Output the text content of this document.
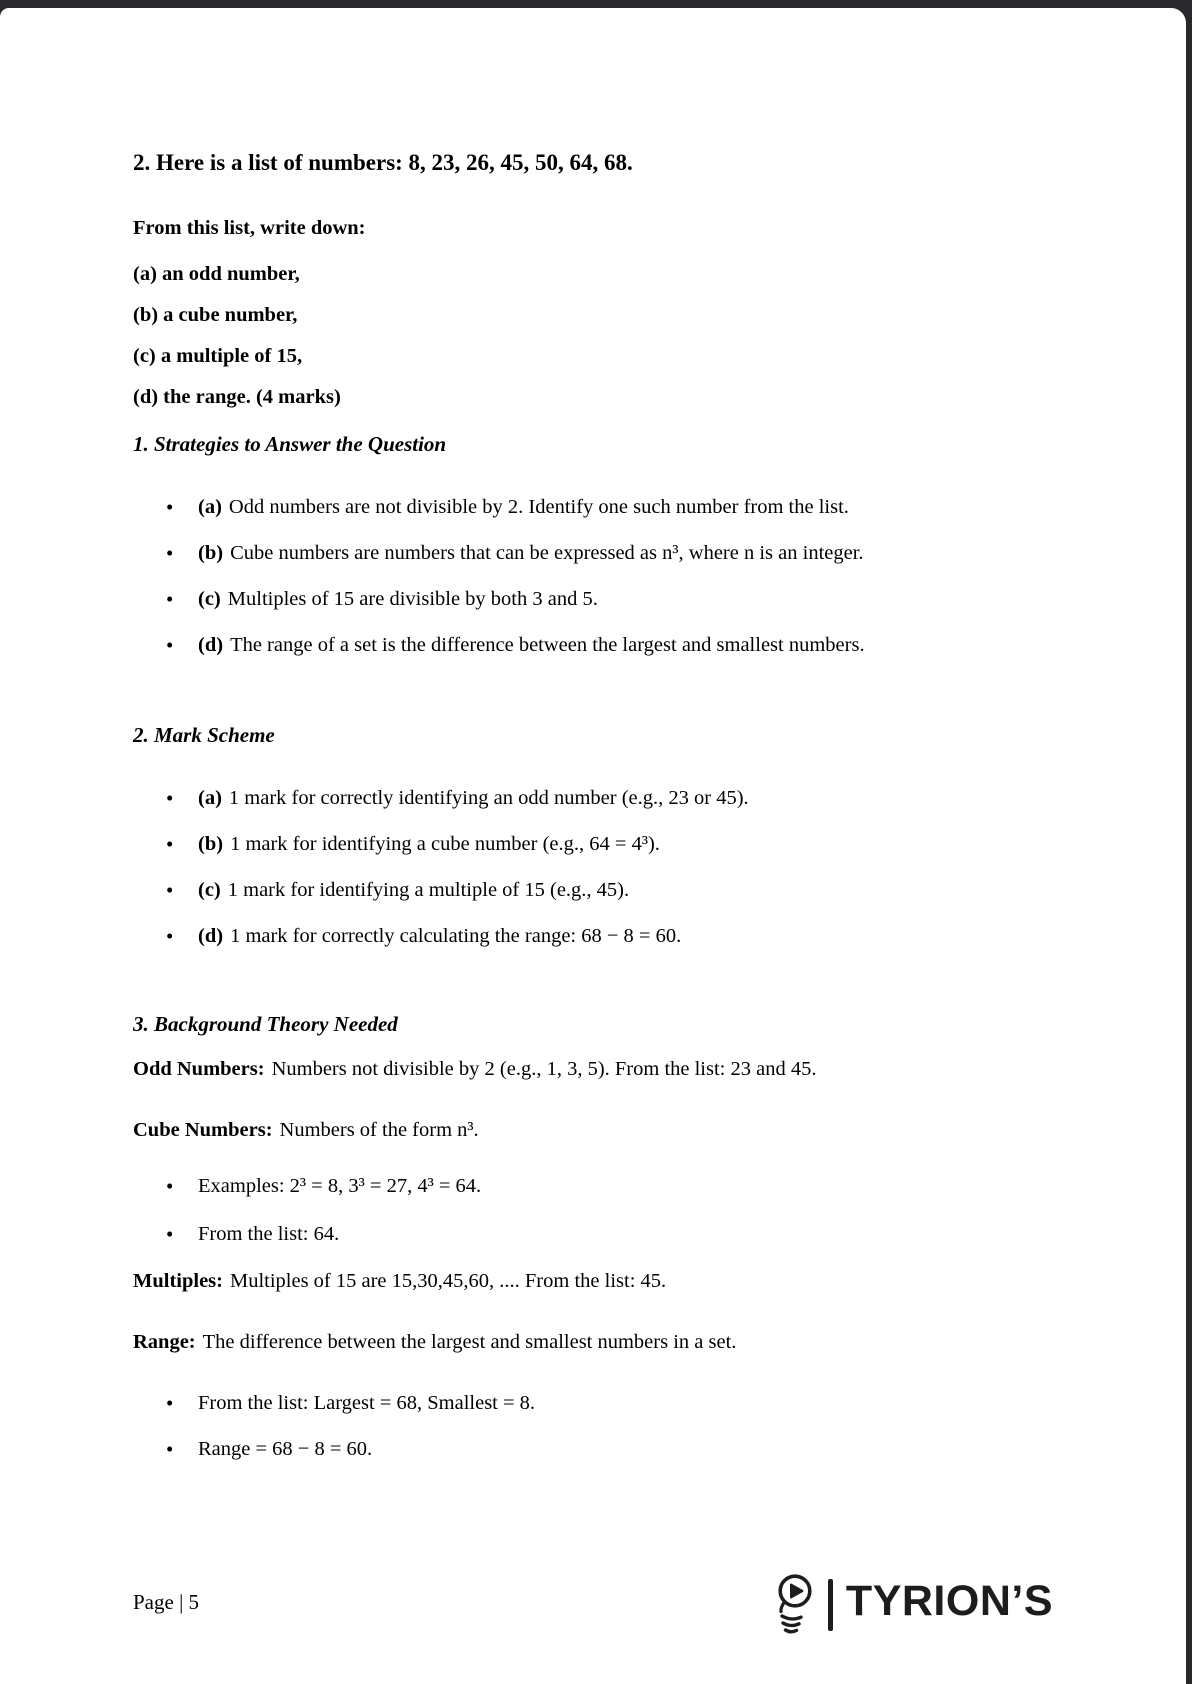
2. Here is a list of numbers: 8, 23, 26, 45, 50, 64, 68.

From this list, write down:

(a) an odd number,

(b) a cube number,

(c) a multiple of 15,

(d) the range. (4 marks)

1. Strategies to Answer the Question

• (a) Odd numbers are not divisible by 2. Identify one such number from the list.
• (b) Cube numbers are numbers that can be expressed as n³, where n is an integer.
• (c) Multiples of 15 are divisible by both 3 and 5.
• (d) The range of a set is the difference between the largest and smallest numbers.

2. Mark Scheme

• (a) 1 mark for correctly identifying an odd number (e.g., 23 or 45).
• (b) 1 mark for identifying a cube number (e.g., 64 = 4³).
• (c) 1 mark for identifying a multiple of 15 (e.g., 45).
• (d) 1 mark for correctly calculating the range: 68 − 8 = 60.

3. Background Theory Needed

Odd Numbers: Numbers not divisible by 2 (e.g., 1, 3, 5). From the list: 23 and 45.

Cube Numbers: Numbers of the form n³.

• Examples: 2³ = 8, 3³ = 27, 4³ = 64.
• From the list: 64.

Multiples: Multiples of 15 are 15,30,45,60, .... From the list: 45.

Range: The difference between the largest and smallest numbers in a set.

• From the list: Largest = 68, Smallest = 8.
• Range = 68 − 8 = 60.

Page | 5	TYRION’S
